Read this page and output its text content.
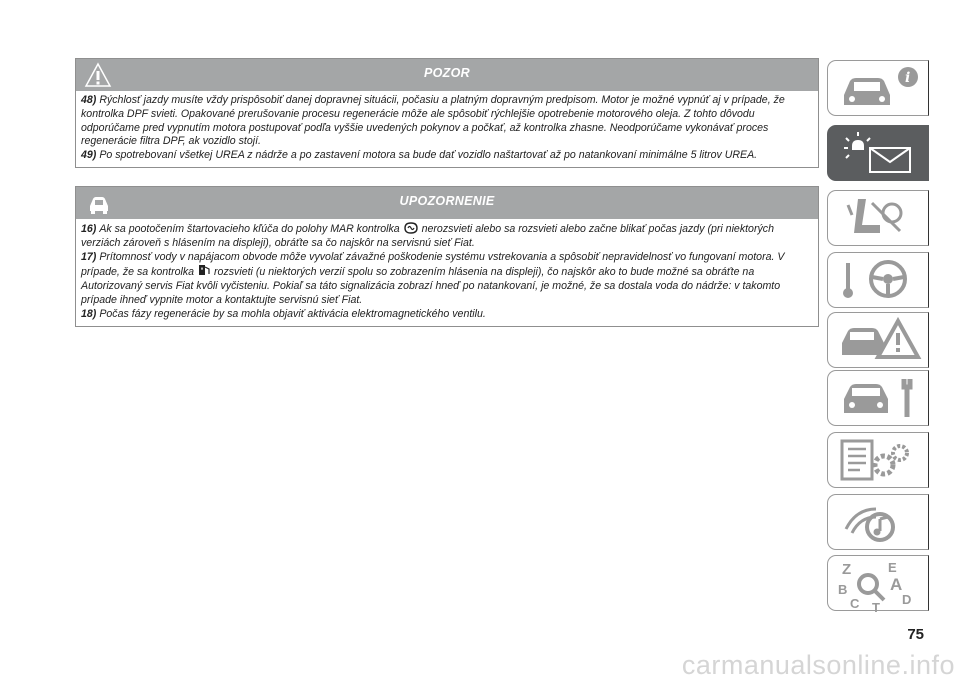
POZOR

48) Rýchlosť jazdy musíte vždy prispôsobiť danej dopravnej situácii, počasiu a platným dopravným predpisom. Motor je možné vypnúť aj v prípade, že kontrolka DPF svieti. Opakované prerušovanie procesu regenerácie môže ale spôsobiť rýchlejšie opotrebenie motorového oleja. Z tohto dôvodu odporúčame pred vypnutím motora postupovať podľa vyššie uvedených pokynov a počkať, až kontrolka zhasne. Neodporúčame vykonávať proces regenerácie filtra DPF, ak vozidlo stojí.

49) Po spotrebovaní všetkej UREA z nádrže a po zastavení motora sa bude dať vozidlo naštartovať až po natankovaní minimálne 5 litrov UREA.

UPOZORNENIE

16) Ak sa pootočením štartovacieho kľúča do polohy MAR kontrolka nerozsvieti alebo sa rozsvieti alebo začne blikať počas jazdy (pri niektorých verziách zároveň s hlásením na displeji), obráťte sa čo najskôr na servisnú sieť Fiat.

17) Prítomnosť vody v napájacom obvode môže vyvolať závažné poškodenie systému vstrekovania a spôsobiť nepravidelnosť vo fungovaní motora. V prípade, že sa kontrolka rozsvieti (u niektorých verzií spolu so zobrazením hlásenia na displeji), čo najskôr ako to bude možné sa obráťte na Autorizovaný servis Fiat kvôli vyčisteniu. Pokiaľ sa táto signalizácia zobrazí hneď po natankovaní, je možné, že sa dostala voda do nádrže: v takomto prípade ihneď vypnite motor a kontaktujte servisnú sieť Fiat.

18) Počas fázy regenerácie by sa mohla objaviť aktivácia elektromagnetického ventilu.

i
Z	E
B	A
C	D
T
75
carmanualsonline.info
